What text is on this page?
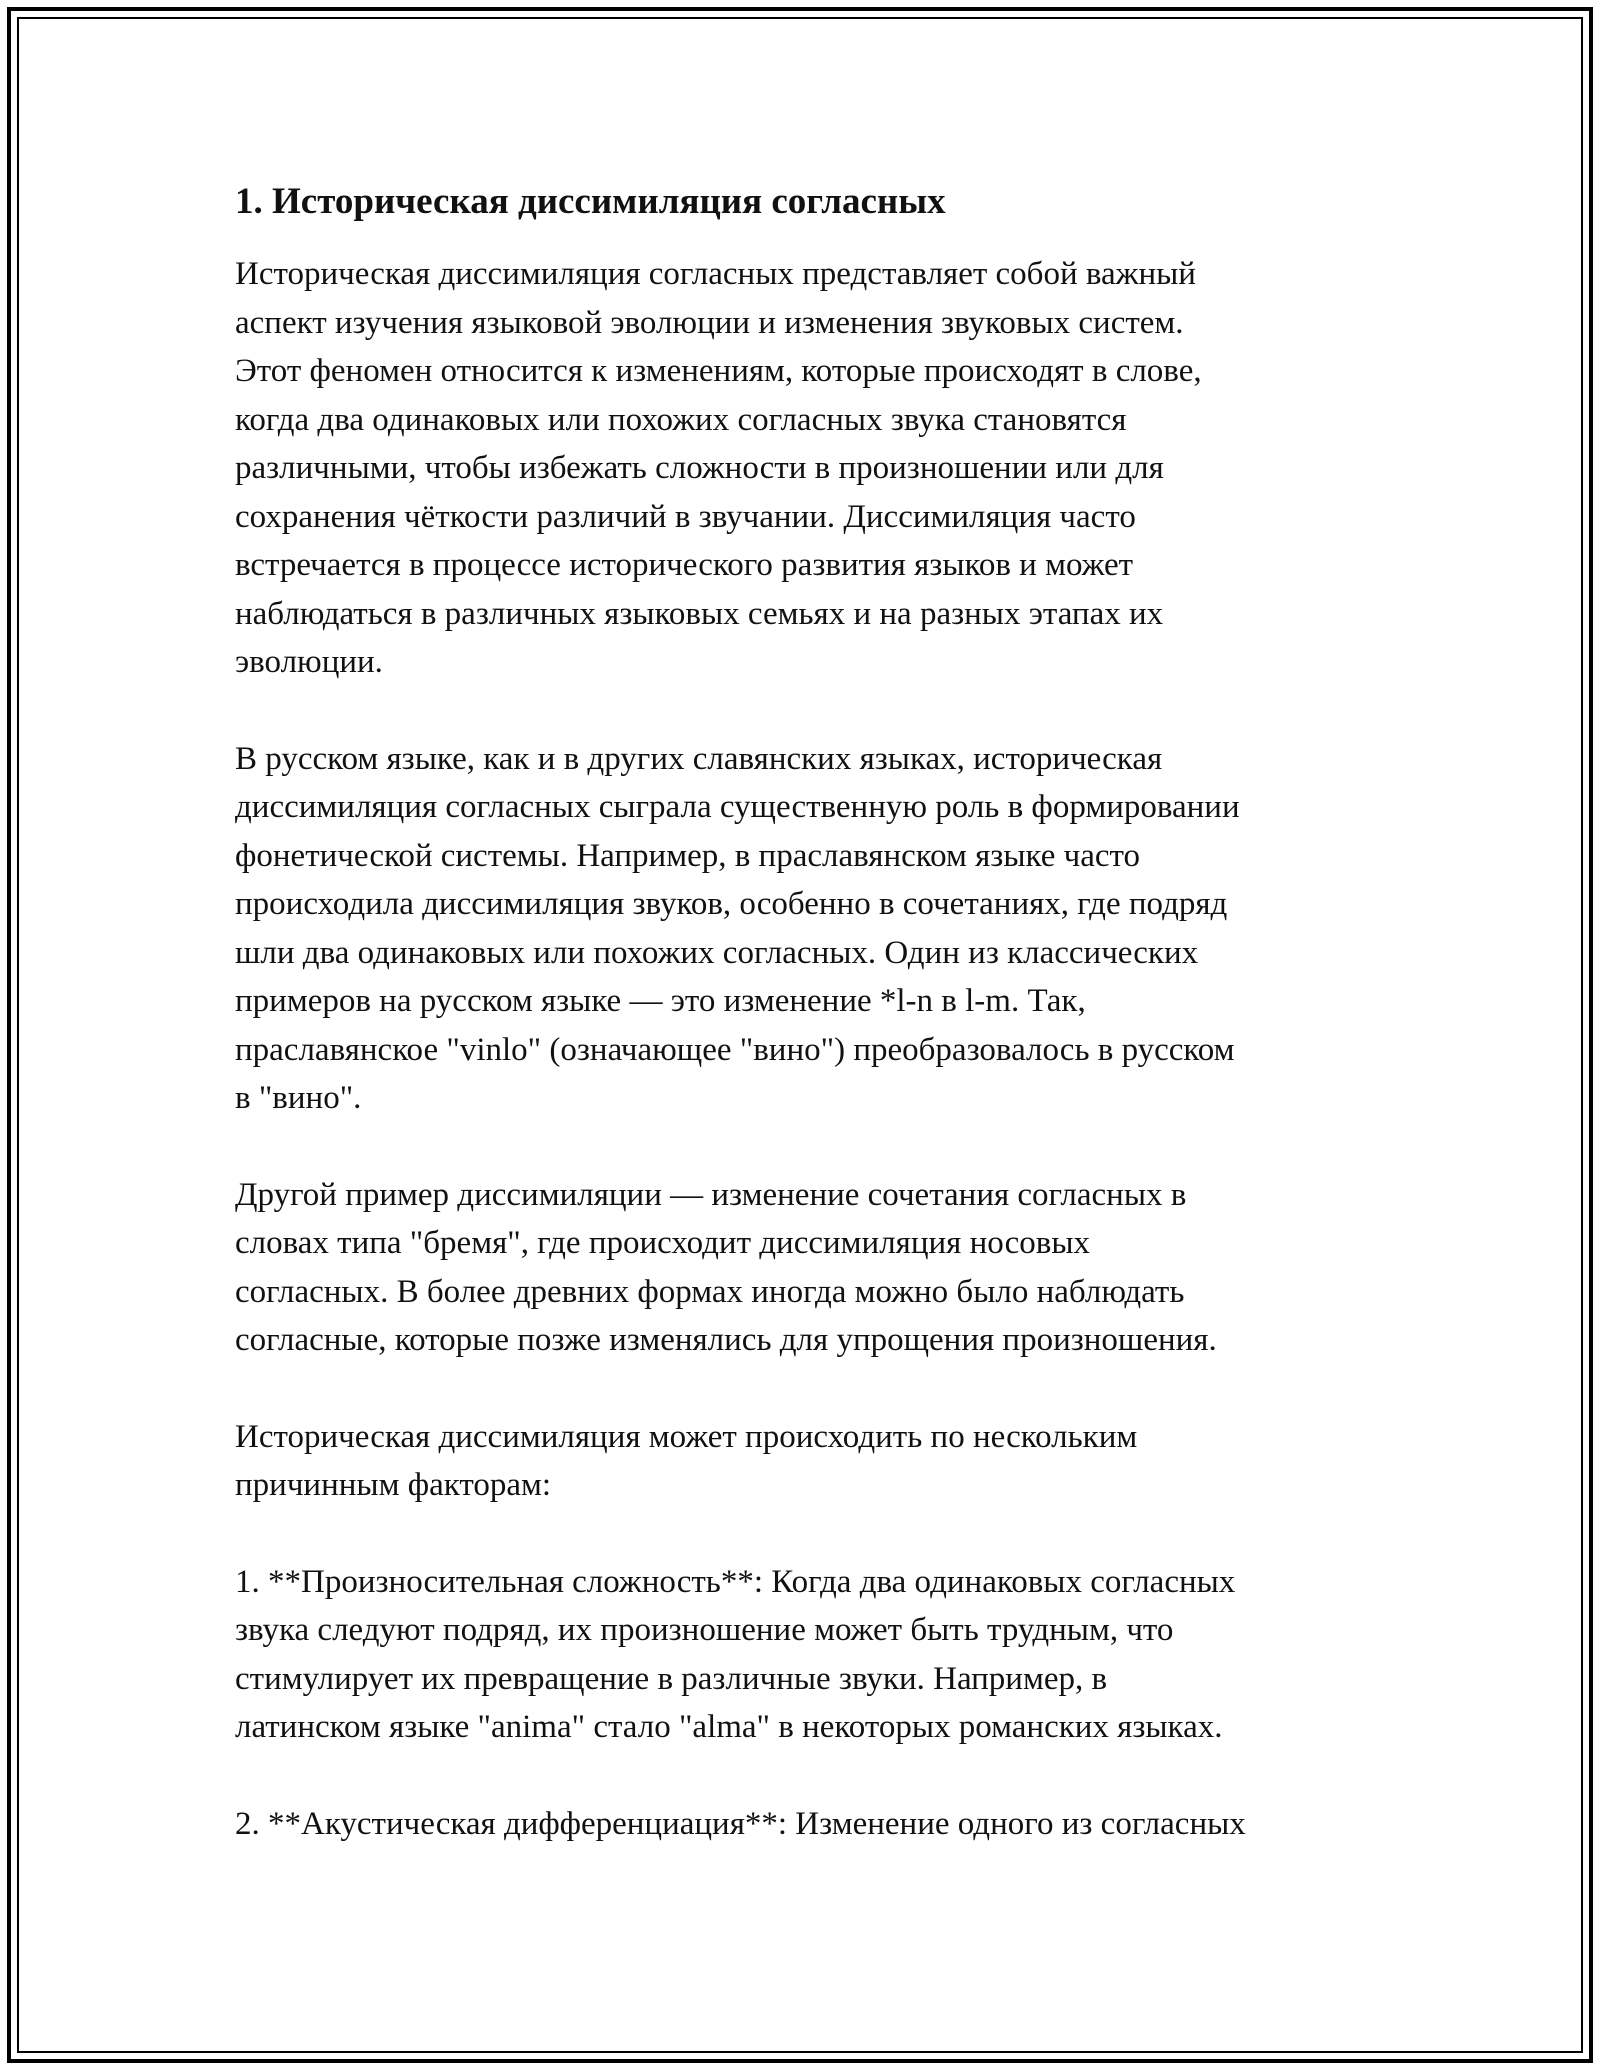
1. Историческая диссимиляция согласных

Историческая диссимиляция согласных представляет собой важный
аспект изучения языковой эволюции и изменения звуковых систем.
Этот феномен относится к изменениям, которые происходят в слове,
когда два одинаковых или похожих согласных звука становятся
различными, чтобы избежать сложности в произношении или для
сохранения чёткости различий в звучании. Диссимиляция часто
встречается в процессе исторического развития языков и может
наблюдаться в различных языковых семьях и на разных этапах их
эволюции.

В русском языке, как и в других славянских языках, историческая
диссимиляция согласных сыграла существенную роль в формировании
фонетической системы. Например, в праславянском языке часто
происходила диссимиляция звуков, особенно в сочетаниях, где подряд
шли два одинаковых или похожих согласных. Один из классических
примеров на русском языке — это изменение *l-n в l-m. Так,
праславянское "vinlo" (означающее "вино") преобразовалось в русском
в "вино".

Другой пример диссимиляции — изменение сочетания согласных в
словах типа "бремя", где происходит диссимиляция носовых
согласных. В более древних формах иногда можно было наблюдать
согласные, которые позже изменялись для упрощения произношения.

Историческая диссимиляция может происходить по нескольким
причинным факторам:

1. **Произносительная сложность**: Когда два одинаковых согласных
звука следуют подряд, их произношение может быть трудным, что
стимулирует их превращение в различные звуки. Например, в
латинском языке "anima" стало "alma" в некоторых романских языках.

2. **Акустическая дифференциация**: Изменение одного из согласных
